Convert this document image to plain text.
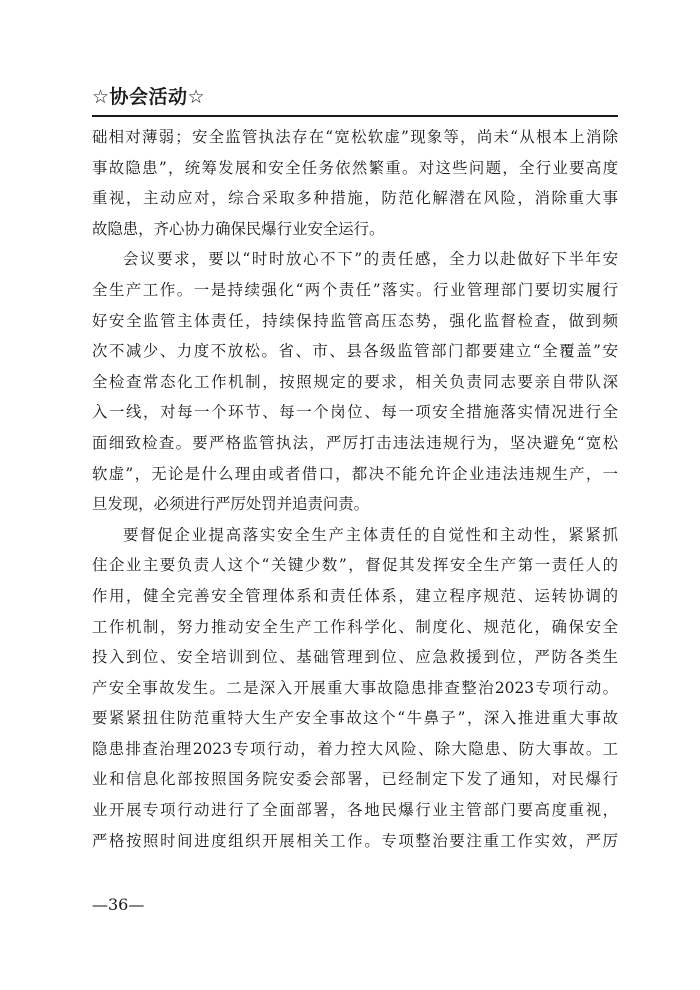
☆协会活动☆
础相对薄弱；安全监管执法存在“宽松软虚”现象等，尚未“从根本上消除
事故隐患”，统筹发展和安全任务依然繁重。对这些问题，全行业要高度
重视，主动应对，综合采取多种措施，防范化解潜在风险，消除重大事
故隐患，齐心协力确保民爆行业安全运行。
会议要求，要以“时时放心不下”的责任感，全力以赴做好下半年安
全生产工作。一是持续强化“两个责任”落实。行业管理部门要切实履行
好安全监管主体责任，持续保持监管高压态势，强化监督检查，做到频
次不减少、力度不放松。省、市、县各级监管部门都要建立“全覆盖”安
全检查常态化工作机制，按照规定的要求，相关负责同志要亲自带队深
入一线，对每一个环节、每一个岗位、每一项安全措施落实情况进行全
面细致检查。要严格监管执法，严厉打击违法违规行为，坚决避免“宽松
软虚”，无论是什么理由或者借口，都决不能允许企业违法违规生产，一
旦发现，必须进行严厉处罚并追责问责。
要督促企业提高落实安全生产主体责任的自觉性和主动性，紧紧抓
住企业主要负责人这个“关键少数”，督促其发挥安全生产第一责任人的
作用，健全完善安全管理体系和责任体系，建立程序规范、运转协调的
工作机制，努力推动安全生产工作科学化、制度化、规范化，确保安全
投入到位、安全培训到位、基础管理到位、应急救援到位，严防各类生
产安全事故发生。二是深入开展重大事故隐患排查整治2023专项行动。
要紧紧扭住防范重特大生产安全事故这个“牛鼻子”，深入推进重大事故
隐患排查治理2023专项行动，着力控大风险、除大隐患、防大事故。工
业和信息化部按照国务院安委会部署，已经制定下发了通知，对民爆行
业开展专项行动进行了全面部署，各地民爆行业主管部门要高度重视，
严格按照时间进度组织开展相关工作。专项整治要注重工作实效，严厉
—36—
